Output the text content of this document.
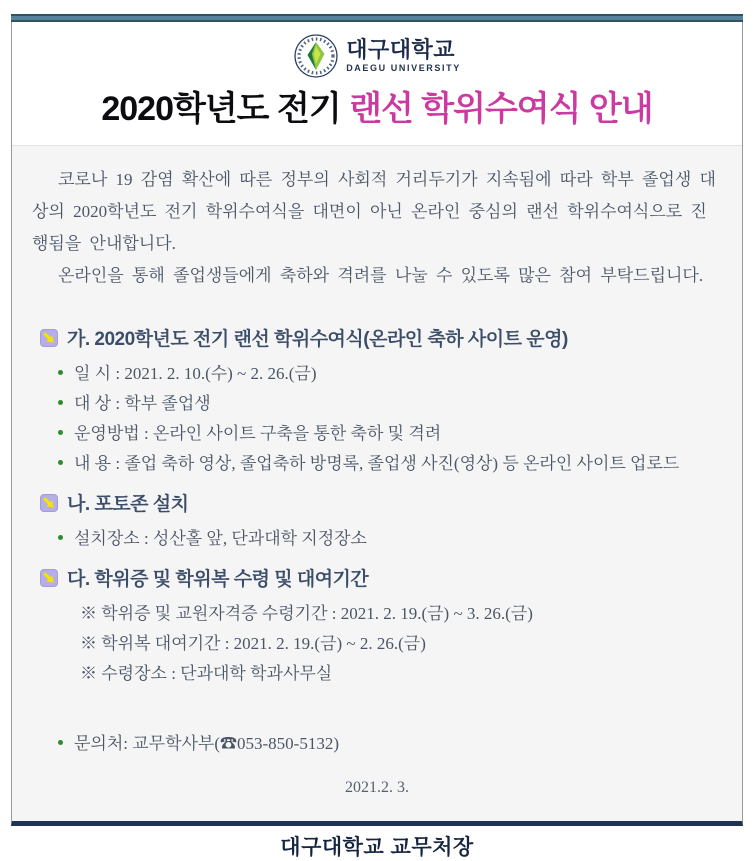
대구대학교
DAEGU UNIVERSITY
2020학년도 전기 랜선 학위수여식 안내

코로나 19 감염 확산에 따른 정부의 사회적 거리두기가 지속됨에 따라 학부 졸업생 대상의 2020학년도 전기 학위수여식을 대면이 아닌 온라인 중심의 랜선 학위수여식으로 진행됨을 안내합니다.

온라인을 통해 졸업생들에게 축하와 격려를 나눌 수 있도록 많은 참여 부탁드립니다.

가. 2020학년도 전기 랜선 학위수여식(온라인 축하 사이트 운영)
일 시 : 2021. 2. 10.(수) ~ 2. 26.(금)
대 상 : 학부 졸업생
운영방법 : 온라인 사이트 구축을 통한 축하 및 격려
내 용 : 졸업 축하 영상, 졸업축하 방명록, 졸업생 사진(영상) 등 온라인 사이트 업로드
나. 포토존 설치
설치장소 : 성산홀 앞, 단과대학 지정장소
다. 학위증 및 학위복 수령 및 대여기간
※ 학위증 및 교원자격증 수령기간 : 2021. 2. 19.(금) ~ 3. 26.(금)
※ 학위복 대여기간 : 2021. 2. 19.(금) ~ 2. 26.(금)
※ 수령장소 : 단과대학 학과사무실
문의처: 교무학사부(☎053-850-5132)
2021.2. 3.
대구대학교 교무처장
